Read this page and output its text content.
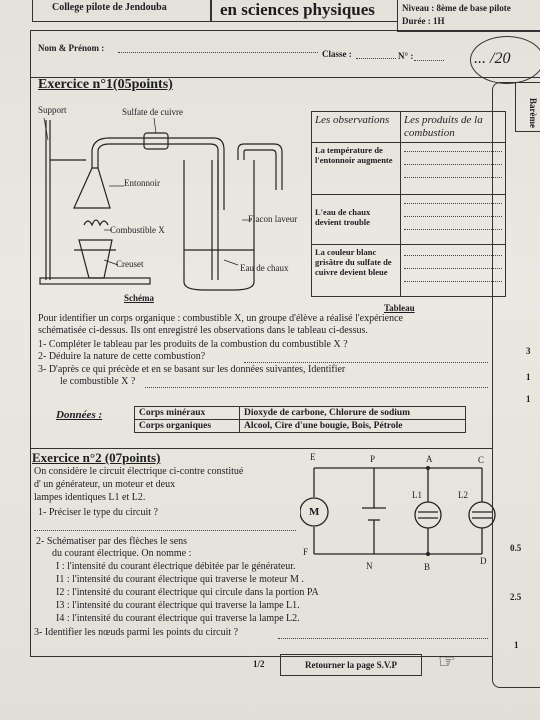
College pilote de Jendouba	en sciences physiques	Niveau : 8ème de base pilote
Durée : 1H
Nom & Prénom :
Classe :	N° :	... /20
Barème
Exercice n°1(05points)
Support	Sulfate de cuivre
Entonnoir
Combustible X
Flacon laveur
Creuset	Eau de chaux
Schéma
Les observations	Les produits de la combustion
La température de l'entonnoir augmente	

L'eau de chaux devient trouble	

La couleur blanc grisâtre du sulfate de cuivre devient bleue	
Tableau
Pour identifier un corps organique : combustible X, un groupe d'élève a réalisé l'expérience
schématisée ci-dessus. Ils ont enregistré les observations dans le tableau ci-dessus.
1- Compléter le tableau par les produits de la combustion du combustible X ?
2- Déduire la nature de cette combustion?
3- D'après ce qui précède et en se basant sur les données suivantes, Identifier
le combustible X ?
Données :	Corps minéraux	Dioxyde de carbone, Chlorure de sodium
Corps organiques	Alcool, Cire d'une bougie, Bois, Pétrole
Exercice n°2 (07points)
On considère le circuit électrique ci-contre constitué
d' un générateur, un moteur et deux
lampes identiques L1 et L2.
1- Préciser le type du circuit ?
2- Schématiser par des flèches le sens
du courant électrique. On nomme :
I : l'intensité du courant électrique débitée par le générateur.
I1 : l'intensité du courant électrique qui traverse le moteur M .
I2 : l'intensité du courant électrique qui circule dans la portion PA
I3 : l'intensité du courant électrique qui traverse la lampe L1.
I4 : l'intensité du courant électrique qui traverse la lampe L2.
3- Identifier les nœuds parmi les points du circuit ?
M
E	P	A	C
F
N	B
D
L1	L2
3
1
1
0.5
2.5
1
1/2	Retourner la page S.V.P	☞
